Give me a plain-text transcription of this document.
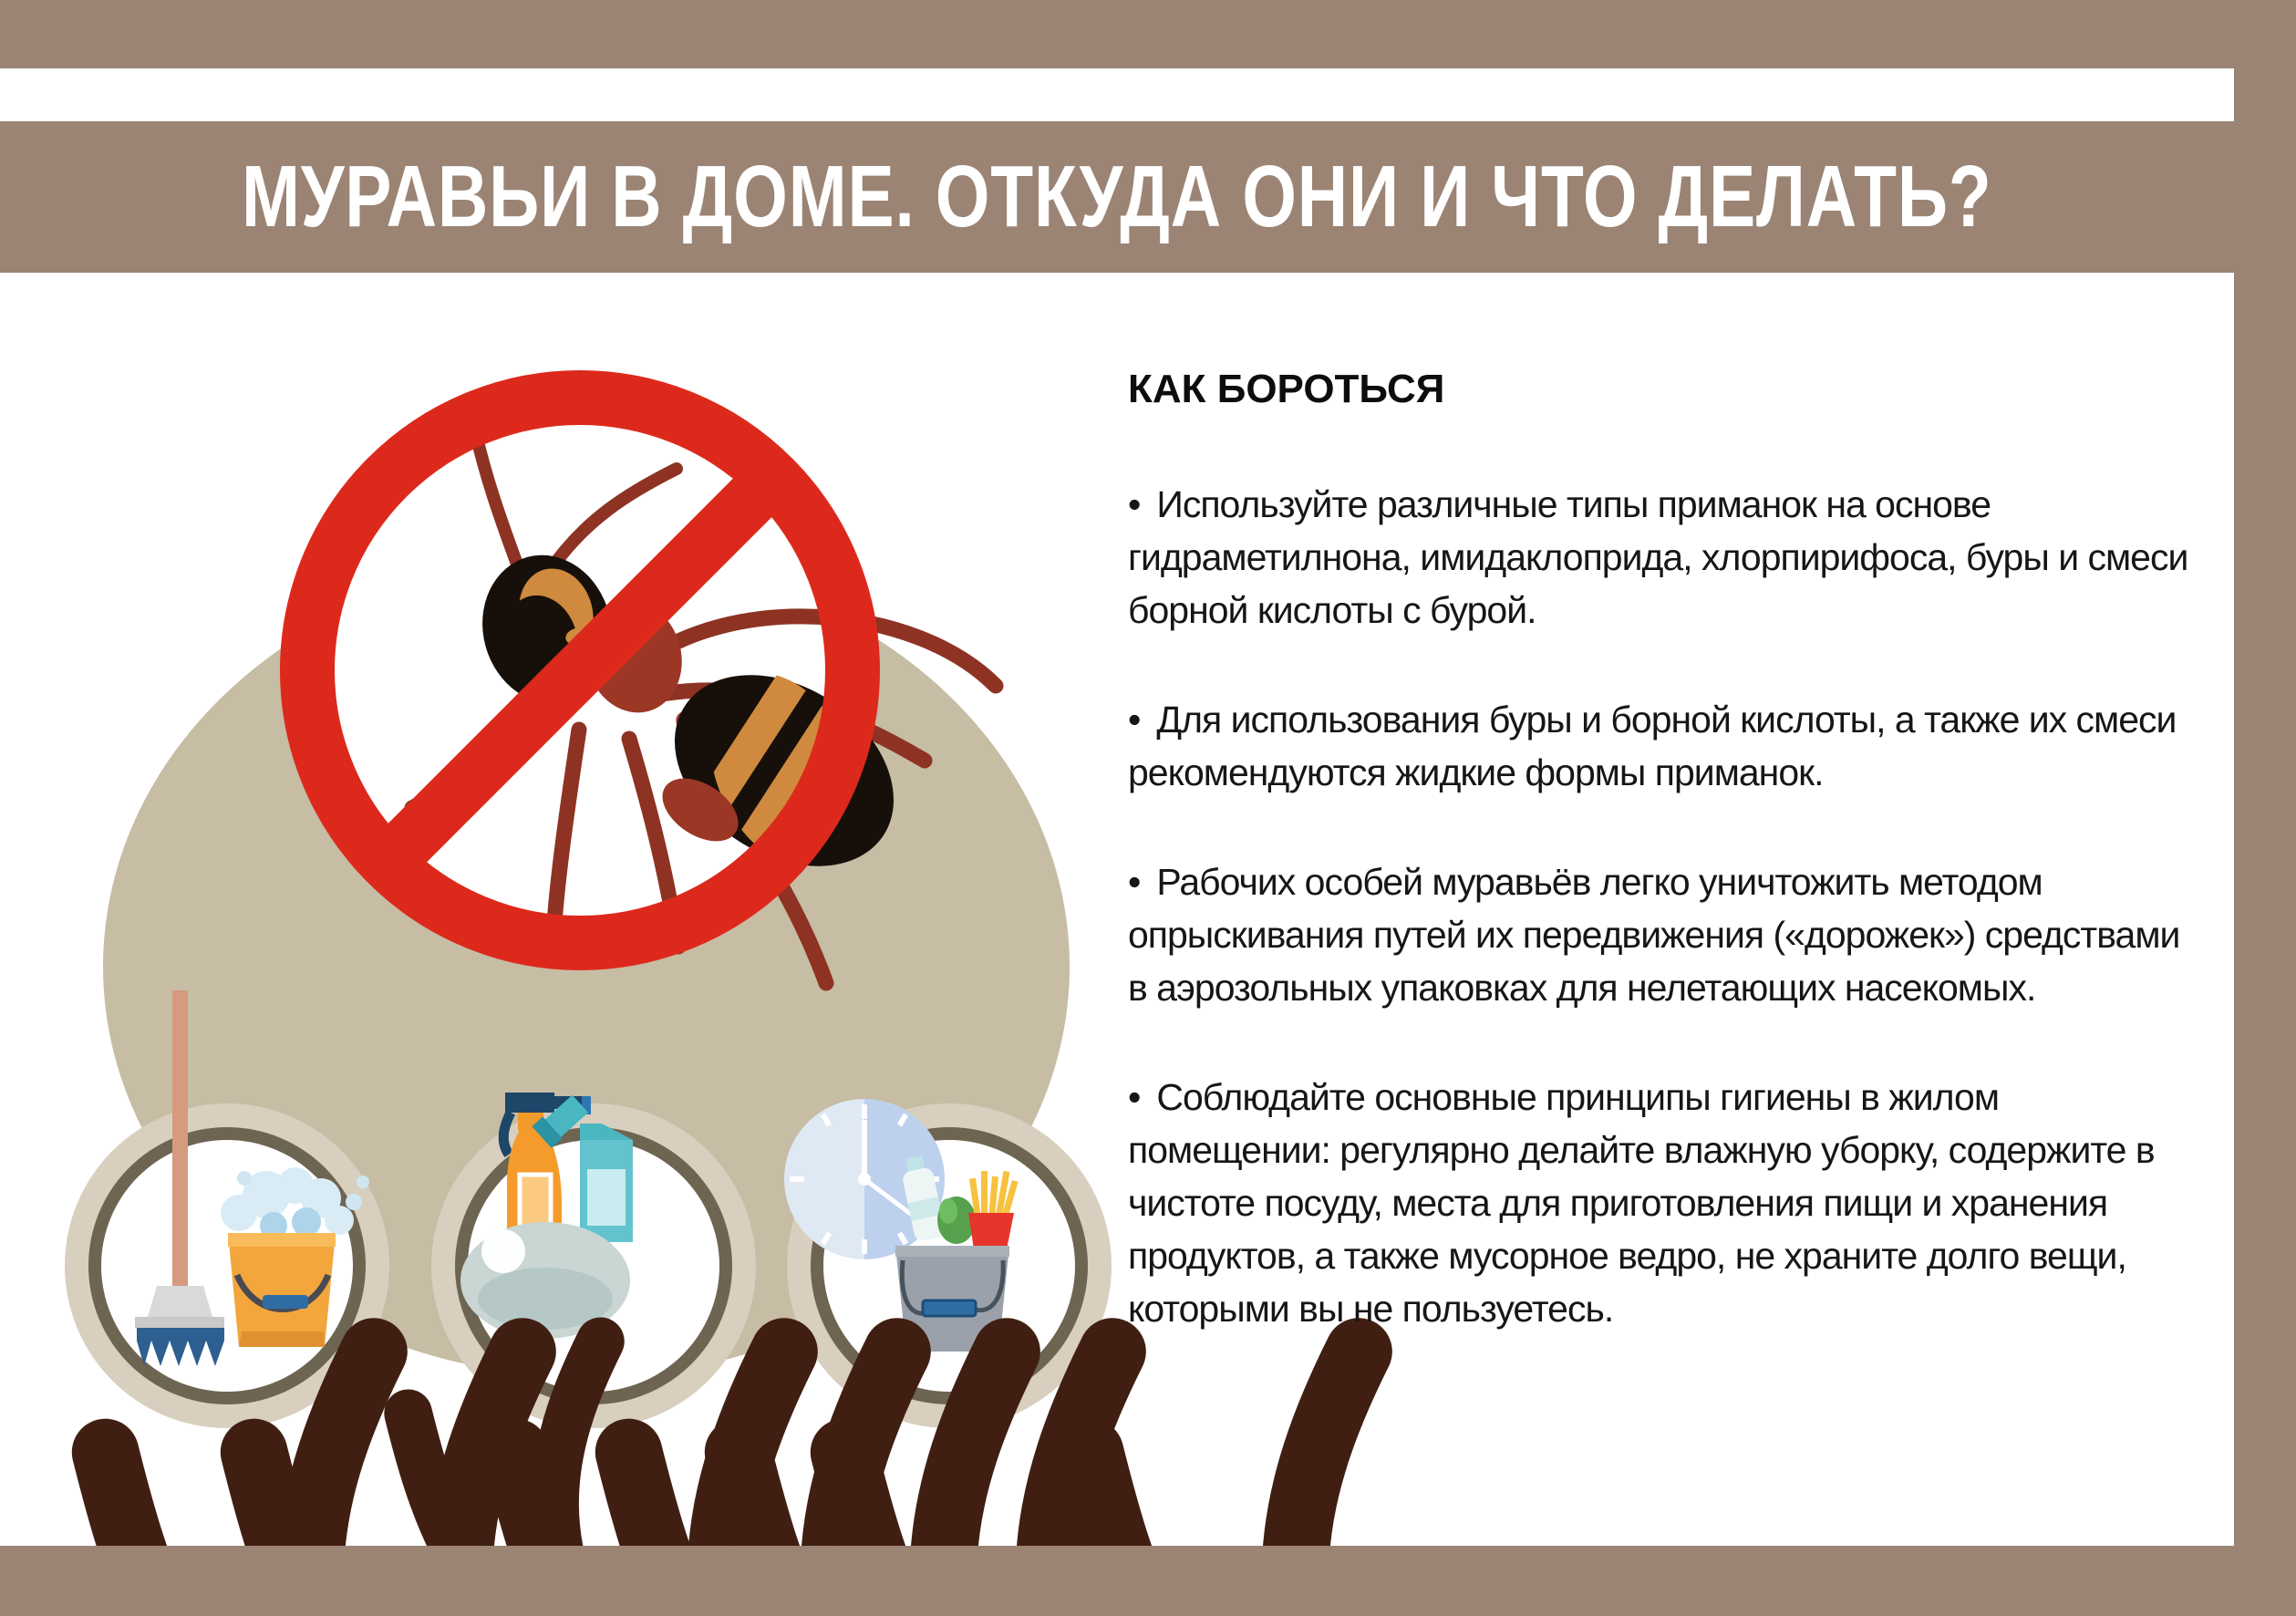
МУРАВЬИ В ДОМЕ. ОТКУДА ОНИ И ЧТО ДЕЛАТЬ?
КАК БОРОТЬСЯ
• Используйте различные типы приманок на основе гидраметилнона, имидаклоприда, хлорпирифоса, буры и смеси борной кислоты с бурой.
• Для использования буры и борной кислоты, а также их смеси рекомендуются жидкие формы приманок.
• Рабочих особей муравьёв легко уничтожить методом опрыскивания путей их передвижения («дорожек») средствами в аэрозольных упаковках для нелетающих насекомых.
• Соблюдайте основные принципы гигиены в жилом помещении: регулярно делайте влажную уборку, содержите в чистоте посуду, места для приготовления пищи и хранения продуктов, а также мусорное ведро, не храните долго вещи, которыми вы не пользуетесь.
